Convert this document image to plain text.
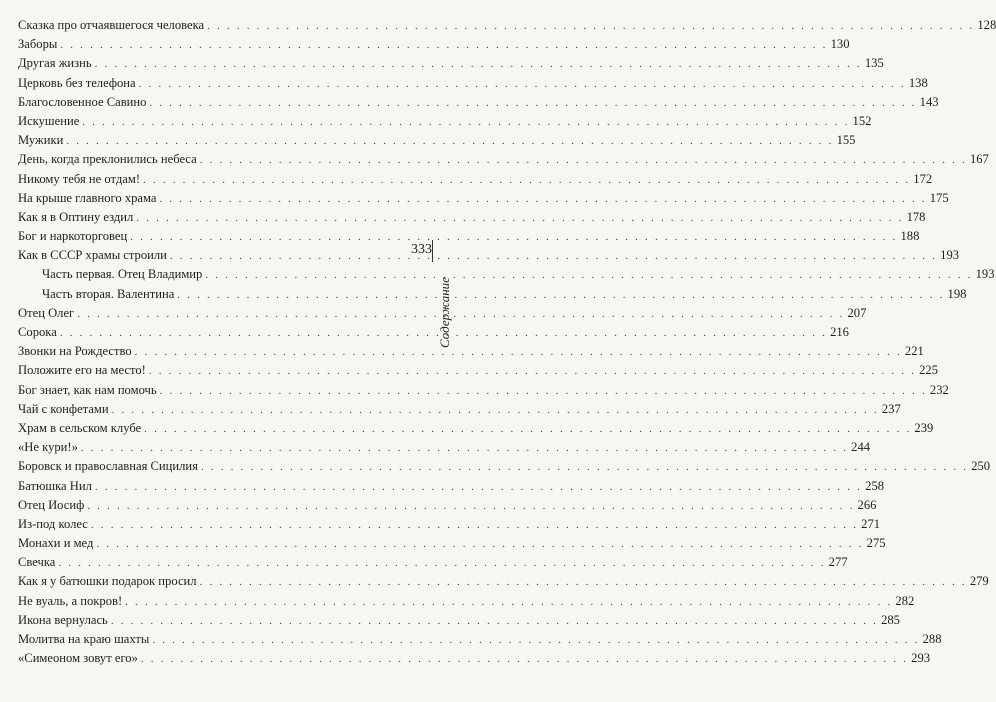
Сказка про отчаявшегося человека . . .	128
Заборы . . .	130
Другая жизнь . . .	135
Церковь без телефона . . .	138
Благословенное Савино . . .	143
Искушение . . .	152
Мужики . . .	155
День, когда преклонились небеса . . .	167
Никому тебя не отдам! . . .	172
На крыше главного храма . . .	175
Как я в Оптину ездил . . .	178
Бог и наркоторговец . . .	188
Как в СССР храмы строили . . .	193
Часть первая. Отец Владимир . . .	193
Часть вторая. Валентина . . .	198
Отец Олег . . .	207
Сорока . . .	216
Звонки на Рождество . . .	221
Положите его на место! . . .	225
Бог знает, как нам помочь . . .	232
Чай с конфетами . . .	237
Храм в сельском клубе . . .	239
«Не кури!» . . .	244
Боровск и православная Сицилия . . .	250
Батюшка Нил . . .	258
Отец Иосиф . . .	266
Из-под колес . . .	271
Монахи и мед . . .	275
Свечка . . .	277
Как я у батюшки подарок просил . . .	279
Не вуаль, а покров! . . .	282
Икона вернулась . . .	285
Молитва на краю шахты . . .	288
«Симеоном зовут его» . . .	293
333
Содержание
